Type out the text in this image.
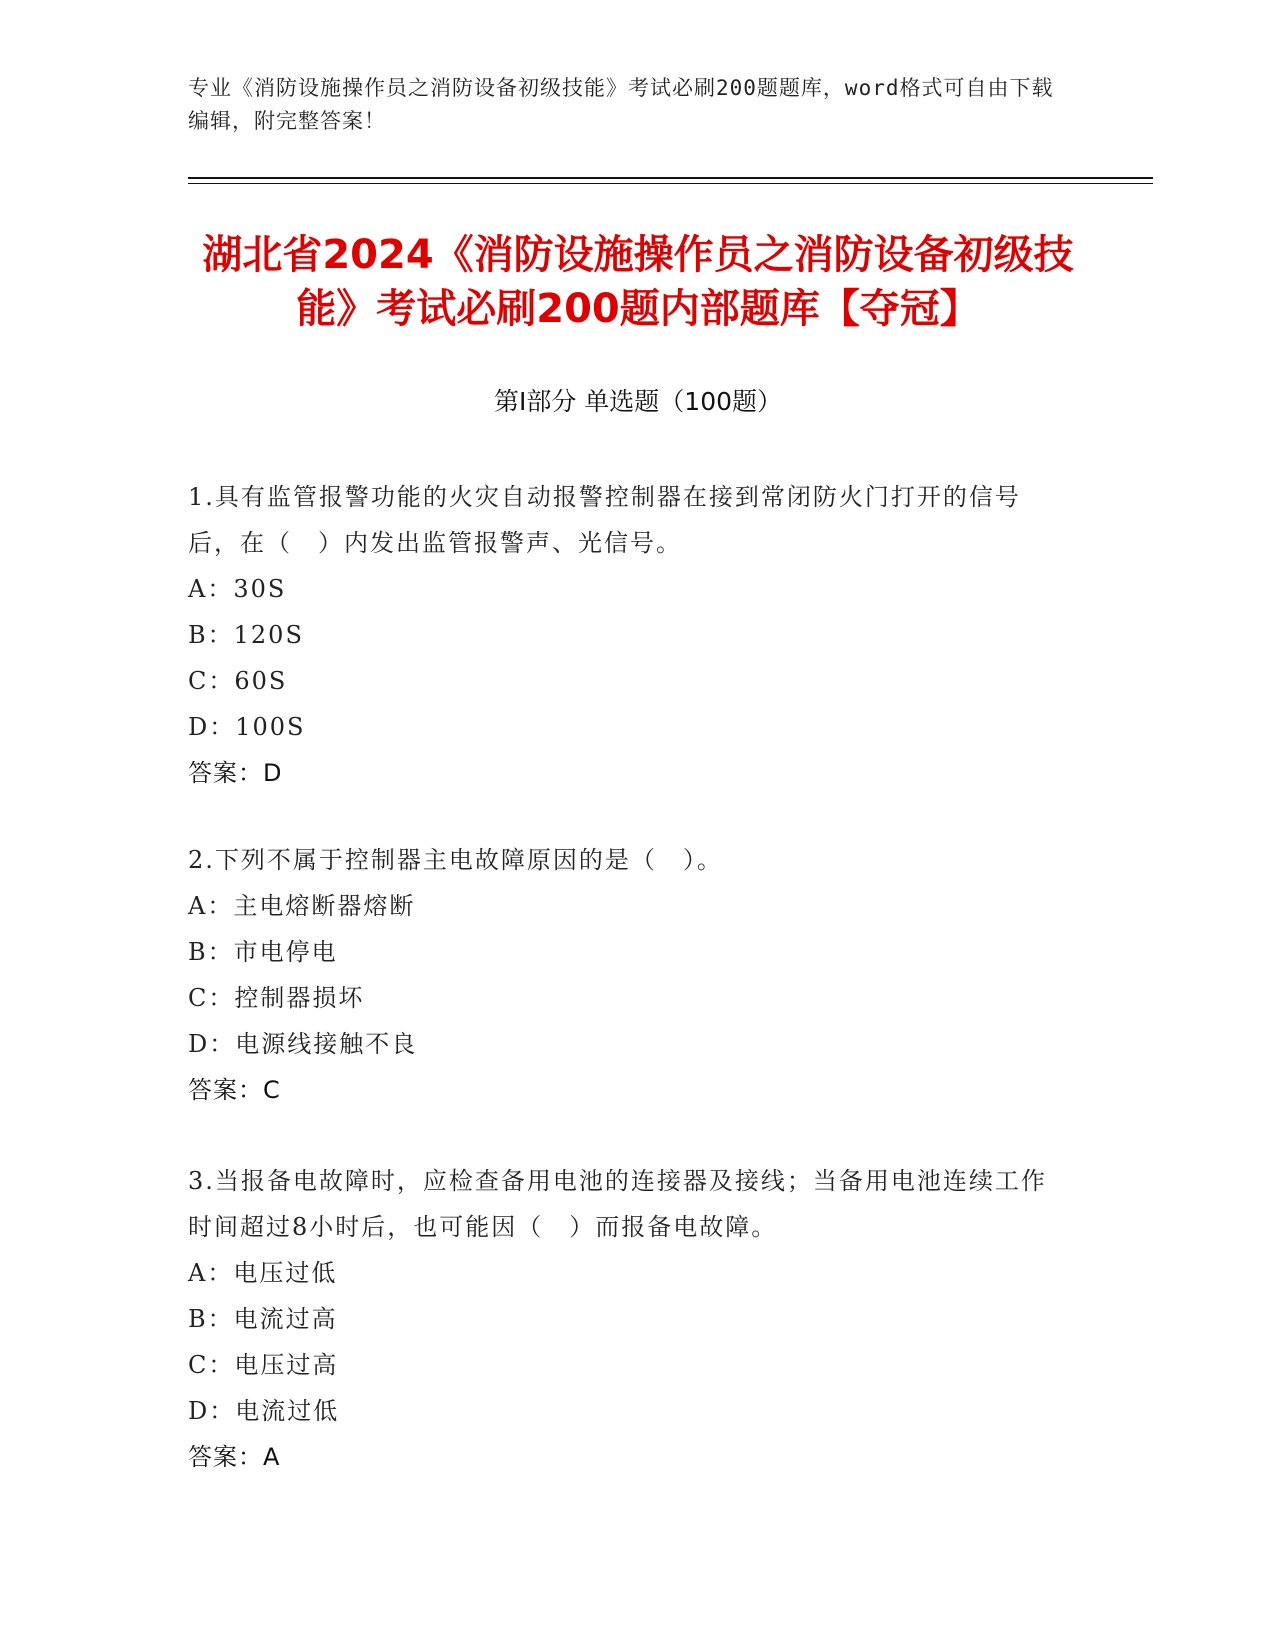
专业《消防设施操作员之消防设备初级技能》考试必刷200题题库，word格式可自由下载编辑，附完整答案！
湖北省2024《消防设施操作员之消防设备初级技能》考试必刷200题内部题库【夺冠】
第Ⅰ部分 单选题（100题）
1.具有监管报警功能的火灾自动报警控制器在接到常闭防火门打开的信号后，在（　）内发出监管报警声、光信号。
A：30S
B：120S
C：60S
D：100S
答案：D
2.下列不属于控制器主电故障原因的是（　）。
A：主电熔断器熔断
B：市电停电
C：控制器损坏
D：电源线接触不良
答案：C
3.当报备电故障时，应检查备用电池的连接器及接线；当备用电池连续工作时间超过8小时后，也可能因（　）而报备电故障。
A：电压过低
B：电流过高
C：电压过高
D：电流过低
答案：A
